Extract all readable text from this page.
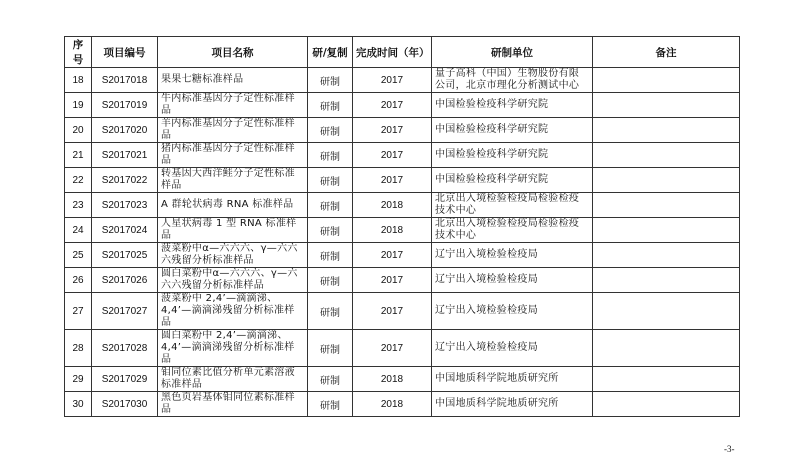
序号	项目编号	项目名称	研/复制	完成时间（年）	研制单位	备注
18	S2017018	果果七糖标准样品	研制	2017	量子高科（中国）生物股份有限公司，北京市理化分析测试中心	
19	S2017019	牛内标准基因分子定性标准样品	研制	2017	中国检验检疫科学研究院	
20	S2017020	羊内标准基因分子定性标准样品	研制	2017	中国检验检疫科学研究院	
21	S2017021	猪内标准基因分子定性标准样品	研制	2017	中国检验检疫科学研究院	
22	S2017022	转基因大西洋鲑分子定性标准样品	研制	2017	中国检验检疫科学研究院	
23	S2017023	A 群轮状病毒 RNA 标准样品	研制	2018	北京出入境检验检疫局检验检疫技术中心	
24	S2017024	人星状病毒 1 型 RNA 标准样品	研制	2018	北京出入境检验检疫局检验检疫技术中心	
25	S2017025	菠菜粉中α—六六六、γ—六六六残留分析标准样品	研制	2017	辽宁出入境检验检疫局	
26	S2017026	圆白菜粉中α—六六六、γ—六六六残留分析标准样品	研制	2017	辽宁出入境检验检疫局	
27	S2017027	菠菜粉中 2,4’—滴滴涕、4,4’—滴滴涕残留分析标准样品	研制	2017	辽宁出入境检验检疫局	
28	S2017028	圆白菜粉中 2,4’—滴滴涕、4,4’—滴滴涕残留分析标准样品	研制	2017	辽宁出入境检验检疫局	
29	S2017029	钼同位素比值分析单元素溶液标准样品	研制	2018	中国地质科学院地质研究所	
30	S2017030	黑色页岩基体钼同位素标准样品	研制	2018	中国地质科学院地质研究所	
-3-
